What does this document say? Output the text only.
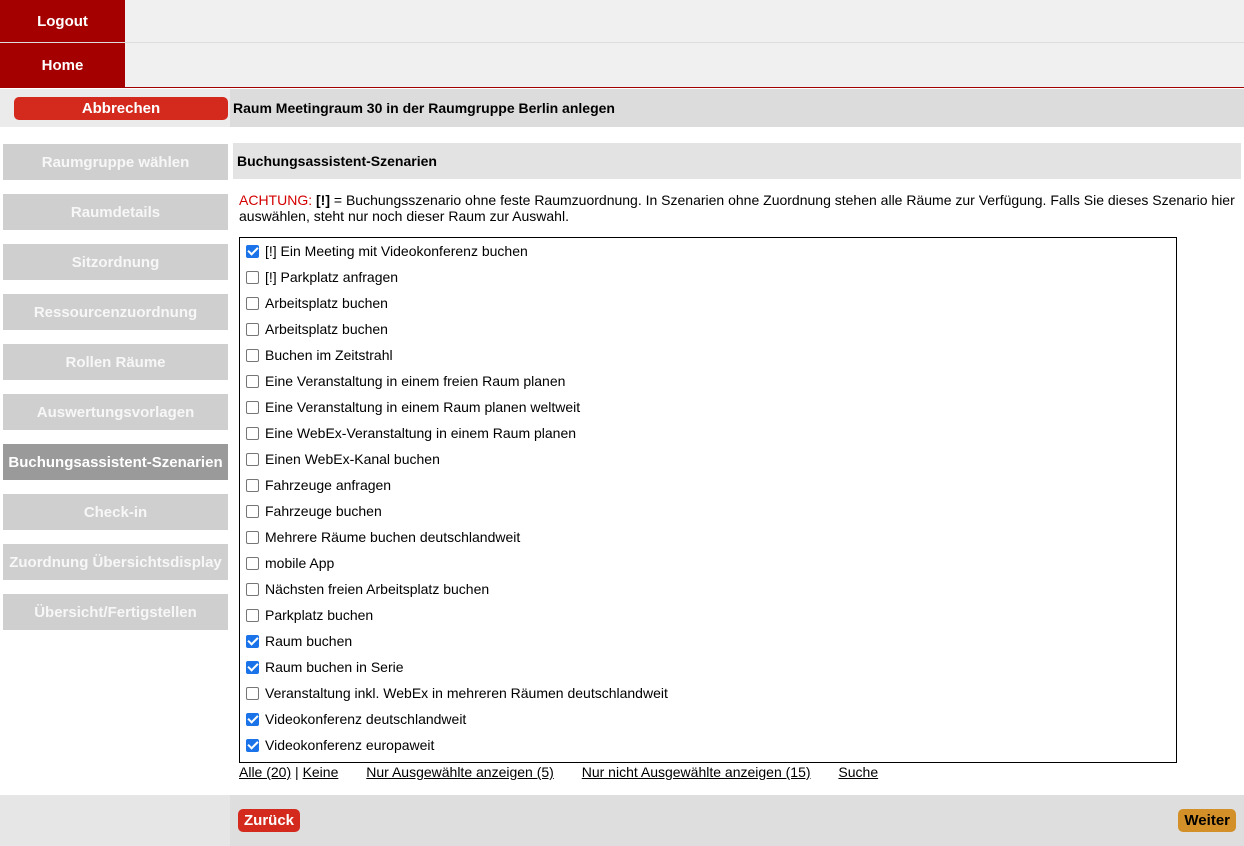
Logout
Home
Abbrechen	Raum Meetingraum 30 in der Raumgruppe Berlin anlegen
Raumgruppe wählen
Raumdetails
Sitzordnung
Ressourcenzuordnung
Rollen Räume
Auswertungsvorlagen
Buchungsassistent-Szenarien
Check-in
Zuordnung Übersichtsdisplay
Übersicht/Fertigstellen
Buchungsassistent-Szenarien
ACHTUNG: [!] = Buchungsszenario ohne feste Raumzuordnung. In Szenarien ohne Zuordnung stehen alle Räume zur Verfügung. Falls Sie dieses Szenario hier auswählen, steht nur noch dieser Raum zur Auswahl.
[!] Ein Meeting mit Videokonferenz buchen
[!] Parkplatz anfragen
Arbeitsplatz buchen
Arbeitsplatz buchen
Buchen im Zeitstrahl
Eine Veranstaltung in einem freien Raum planen
Eine Veranstaltung in einem Raum planen weltweit
Eine WebEx-Veranstaltung in einem Raum planen
Einen WebEx-Kanal buchen
Fahrzeuge anfragen
Fahrzeuge buchen
Mehrere Räume buchen deutschlandweit
mobile App
Nächsten freien Arbeitsplatz buchen
Parkplatz buchen
Raum buchen
Raum buchen in Serie
Veranstaltung inkl. WebEx in mehreren Räumen deutschlandweit
Videokonferenz deutschlandweit
Videokonferenz europaweit
Alle (20) | Keine Nur Ausgewählte anzeigen (5) Nur nicht Ausgewählte anzeigen (15) Suche
Zurück	Weiter
